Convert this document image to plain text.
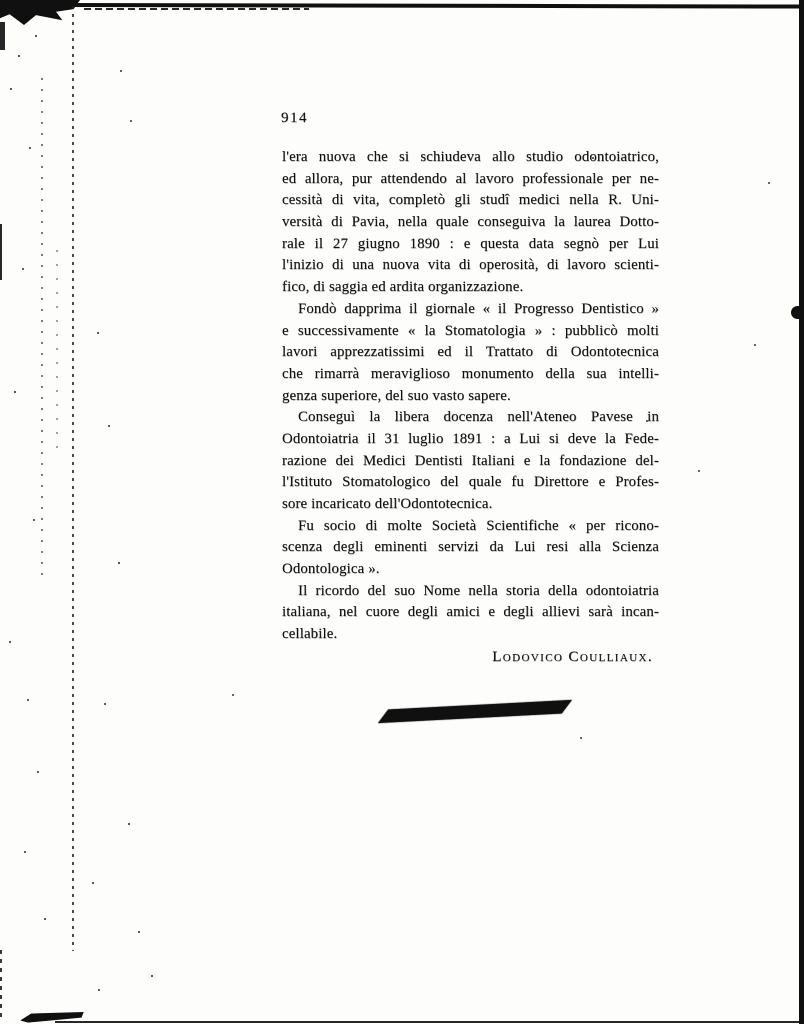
914
l'era nuova che si schiudeva allo studio odontoiatrico,
ed allora, pur attendendo al lavoro professionale per ne-
cessità di vita, completò gli studî medici nella R. Uni-
versità di Pavia, nella quale conseguiva la laurea Dotto-
rale il 27 giugno 1890 : e questa data segnò per Lui
l'inizio di una nuova vita di operosità, di lavoro scienti-
fico, di saggia ed ardita organizzazione.
Fondò dapprima il giornale « il Progresso Dentistico »
e successivamente « la Stomatologia » : pubblicò molti
lavori apprezzatissimi ed il Trattato di Odontotecnica
che rimarrà meraviglioso monumento della sua intelli-
genza superiore, del suo vasto sapere.
Conseguì la libera docenza nell'Ateneo Pavese in
Odontoiatria il 31 luglio 1891 : a Lui si deve la Fede-
razione dei Medici Dentisti Italiani e la fondazione del-
l'Istituto Stomatologico del quale fu Direttore e Profes-
sore incaricato dell'Odontotecnica.
Fu socio di molte Società Scientifiche « per ricono-
scenza degli eminenti servizi da Lui resi alla Scienza
Odontologica ».
Il ricordo del suo Nome nella storia della odontoiatria
italiana, nel cuore degli amici e degli allievi sarà incan-
cellabile.
Lodovico Coulliaux.
